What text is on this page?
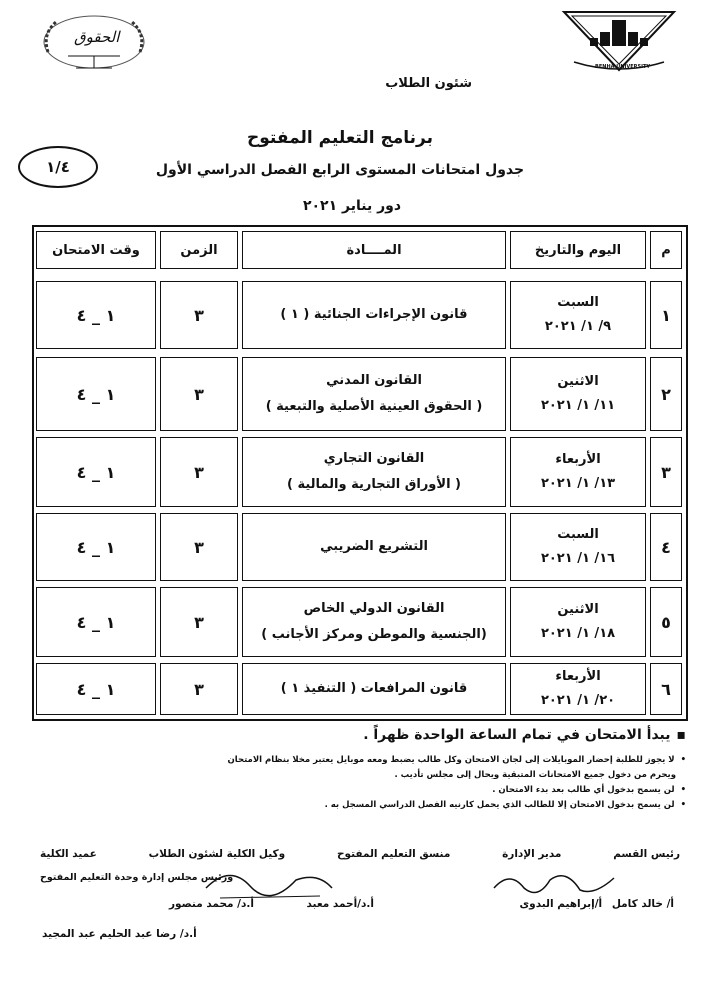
BENHA UNIVERSITY
الحقوق
شئون الطلاب
برنامج التعليم المفتوح
جدول امتحانات المستوى الرابع الفصل الدراسي الأول
دور يناير ٢٠٢١
١/٤
م
اليوم والتاريخ
المــــادة
الزمن
وقت الامتحان
١
السبت
٩/ ١/ ٢٠٢١
قانون الإجراءات الجنائية ( ١ )
٣
١ _ ٤
٢
الاثنين
١١/ ١/ ٢٠٢١
القانون المدني
( الحقوق العينية الأصلية والتبعية )
٣
١ _ ٤
٣
الأربعاء
١٣/ ١/ ٢٠٢١
القانون التجاري
( الأوراق التجارية والمالية )
٣
١ _ ٤
٤
السبت
١٦/ ١/ ٢٠٢١
التشريع الضريبي
٣
١ _ ٤
٥
الاثنين
١٨/ ١/ ٢٠٢١
القانون الدولي الخاص
(الجنسية والموطن ومركز الأجانب )
٣
١ _ ٤
٦
الأربعاء
٢٠/ ١/ ٢٠٢١
قانون المرافعات ( التنفيذ ١ )
٣
١ _ ٤
▪يبدأ الامتحان في تمام الساعة الواحدة ظهراً .
•لا يجوز للطلبة إحضار الموبايلات إلى لجان الامتحان وكل طالب يضبط ومعه موبايل يعتبر مخلا بنظام الامتحان
ويحرم من دخول جميع الامتحانات المتبقية ويحال إلى مجلس تأديب .
•لن يسمح بدخول أي طالب بعد بدء الامتحان .
•لن يسمح بدخول الامتحان إلا للطالب الذي يحمل كارنيه الفصل الدراسي المسجل به .
رئيس القسم
مدير الإدارة
منسق التعليم المفتوح
وكيل الكلية لشئون الطلاب
عميد الكلية
ورئيس مجلس إدارة وحدة التعليم المفتوح
أ/ خالد كامل أ/إبراهيم البدوى
أ.د/أحمد معبد
أ.د/ محمد منصور
أ.د/ رضا عبد الحليم عبد المجيد
